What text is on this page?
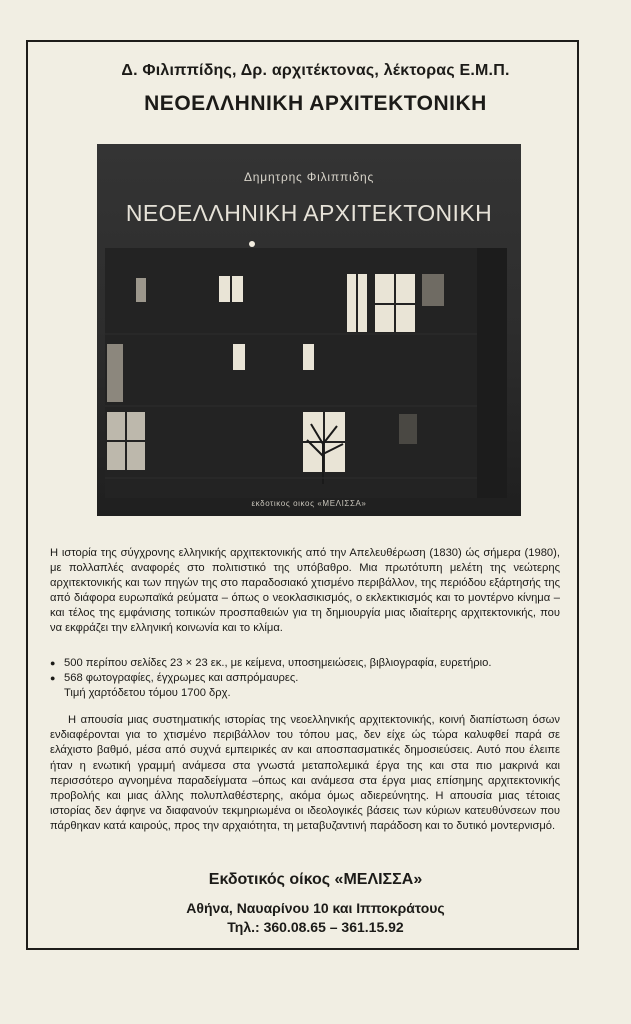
Δ. Φιλιππίδης, Δρ. αρχιτέκτονας, λέκτορας Ε.Μ.Π.
ΝΕΟΕΛΛΗΝΙΚΗ ΑΡΧΙΤΕΚΤΟΝΙΚΗ
Δημητρης Φιλιππιδης
ΝΕΟΕΛΛΗΝΙΚΗ ΑΡΧΙΤΕΚΤΟΝΙΚΗ
εκδοτικος οικος «ΜΕΛΙΣΣΑ»

Η ιστορία της σύγχρονης ελληνικής αρχιτεκτονικής από την Απελευθέρωση (1830) ώς σήμερα (1980), με πολλαπλές αναφορές στο πολιτιστικό της υπόβαθρο. Μια πρωτότυπη μελέτη της νεώτερης αρχιτεκτονικής και των πηγών της στο παραδοσιακό χτισμένο περιβάλλον, της περιόδου εξάρτησής της από διάφορα ευρωπαϊκά ρεύματα – όπως ο νεοκλασικισμός, ο εκλεκτικισμός και το μοντέρνο κίνημα – και τέλος της εμφάνισης τοπικών προσπαθειών για τη δημιουργία μιας ιδιαίτερης αρχιτεκτονικής, που να εκφράζει την ελληνική κοινωνία και το κλίμα.

● 500 περίπου σελίδες 23 × 23 εκ., με κείμενα, υποσημειώσεις, βιβλιογραφία, ευρετήριο.
● 568 φωτογραφίες, έγχρωμες και ασπρόμαυρες.

Τιμή χαρτόδετου τόμου 1700 δρχ.

Η απουσία μιας συστηματικής ιστορίας της νεοελληνικής αρχιτεκτονικής, κοινή διαπίστωση όσων ενδιαφέρονται για το χτισμένο περιβάλλον του τόπου μας, δεν είχε ώς τώρα καλυφθεί παρά σε ελάχιστο βαθμό, μέσα από συχνά εμπειρικές αν και αποσπασματικές δημοσιεύσεις. Αυτό που έλειπε ήταν η ενωτική γραμμή ανάμεσα στα γνωστά μεταπολεμικά έργα της και στα πιο μακρινά και περισσότερο αγνοημένα παραδείγματα –όπως και ανάμεσα στα έργα μιας επίσημης αρχιτεκτονικής προβολής και μιας άλλης πολυπλαθέστερης, ακόμα όμως αδιερεύνητης. Η απουσία μιας τέτοιας ιστορίας δεν άφηνε να διαφανούν τεκμηριωμένα οι ιδεολογικές βάσεις των κύριων κατευθύνσεων που πάρθηκαν κατά καιρούς, προς την αρχαιότητα, τη μεταβυζαντινή παράδοση και το δυτικό μοντερνισμό.

Εκδοτικός οίκος «ΜΕΛΙΣΣΑ»
Αθήνα, Ναυαρίνου 10 και Ιπποκράτους
Τηλ.: 360.08.65 – 361.15.92
